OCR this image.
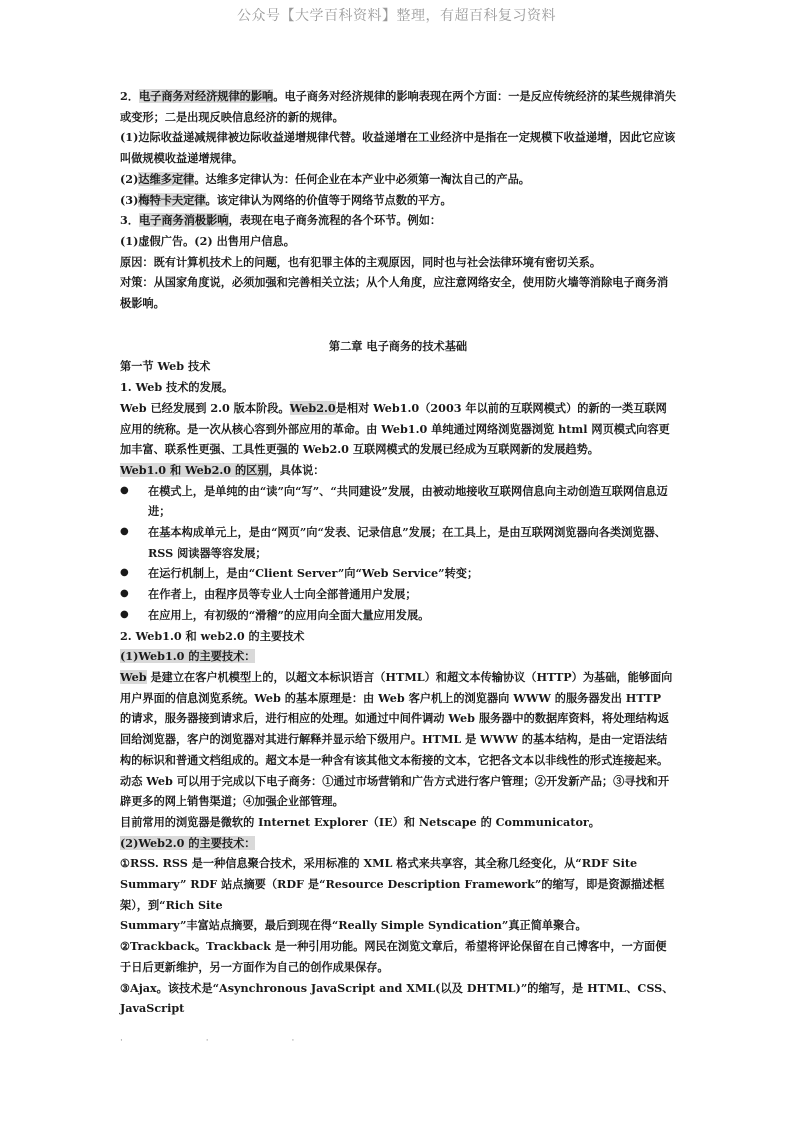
公众号【大学百科资料】整理，有超百科复习资料

2．电子商务对经济规律的影响。电子商务对经济规律的影响表现在两个方面：一是反应传统经济的某些规律消失或变形；二是出现反映信息经济的新的规律。

(1)边际收益递减规律被边际收益递增规律代替。收益递增在工业经济中是指在一定规模下收益递增，因此它应该叫做规模收益递增规律。

(2)达维多定律。达维多定律认为：任何企业在本产业中必须第一淘汰自己的产品。

(3)梅特卡夫定律。该定律认为网络的价值等于网络节点数的平方。

3．电子商务消极影响，表现在电子商务流程的各个环节。例如：

(1)虚假广告。(2) 出售用户信息。

原因：既有计算机技术上的问题，也有犯罪主体的主观原因，同时也与社会法律环境有密切关系。

对策：从国家角度说，必须加强和完善相关立法；从个人角度，应注意网络安全，使用防火墙等消除电子商务消极影响。

第二章 电子商务的技术基础

第一节 Web 技术

1. Web 技术的发展。

Web 已经发展到 2.0 版本阶段。Web2.0是相对 Web1.0（2003 年以前的互联网模式）的新的一类互联网应用的统称。是一次从核心容到外部应用的革命。由 Web1.0 单纯通过网络浏览器浏览 html 网页模式向容更加丰富、联系性更强、工具性更强的 Web2.0 互联网模式的发展已经成为互联网新的发展趋势。

Web1.0 和 Web2.0 的区别，具体说：

●	在模式上，是单纯的由“读”向“写”、“共同建设”发展，由被动地接收互联网信息向主动创造互联网信息迈进；

●	在基本构成单元上，是由“网页”向“发表、记录信息”发展；在工具上，是由互联网浏览器向各类浏览器、RSS 阅读器等容发展；

●	在运行机制上，是由“Client Server”向“Web Service”转变；

●	在作者上，由程序员等专业人士向全部普通用户发展；

●	在应用上，有初级的“滑稽”的应用向全面大量应用发展。

2. Web1.0 和 web2.0 的主要技术

(1)Web1.0 的主要技术：

Web 是建立在客户机模型上的，以超文本标识语言（HTML）和超文本传输协议（HTTP）为基础，能够面向用户界面的信息浏览系统。Web 的基本原理是：由 Web 客户机上的浏览器向 WWW 的服务器发出 HTTP 的请求，服务器接到请求后，进行相应的处理。如通过中间件调动 Web 服务器中的数据库资料，将处理结构返回给浏览器，客户的浏览器对其进行解释并显示给下级用户。HTML 是 WWW 的基本结构，是由一定语法结构的标识和普通文档组成的。超文本是一种含有该其他文本衔接的文本，它把各文本以非线性的形式连接起来。

动态 Web 可以用于完成以下电子商务：①通过市场营销和广告方式进行客户管理；②开发新产品；③寻找和开辟更多的网上销售渠道；④加强企业部管理。

目前常用的浏览器是微软的 Internet Explorer（IE）和 Netscape 的 Communicator。

(2)Web2.0 的主要技术：

①RSS. RSS 是一种信息聚合技术，采用标准的 XML 格式来共享容，其全称几经变化，从“RDF Site Summary” RDF 站点摘要（RDF 是“Resource Description Framework”的缩写，即是资源描述框架），到“Rich Site

Summary”丰富站点摘要，最后到现在得“Really Simple Syndication”真正简单聚合。

②Trackback。Trackback 是一种引用功能。网民在浏览文章后，希望将评论保留在自己博客中，一方面便于日后更新维护，另一方面作为自己的创作成果保存。

③Ajax。该技术是“Asynchronous JavaScript and XML(以及 DHTML)”的缩写，是 HTML、CSS、JavaScript

· · ·
